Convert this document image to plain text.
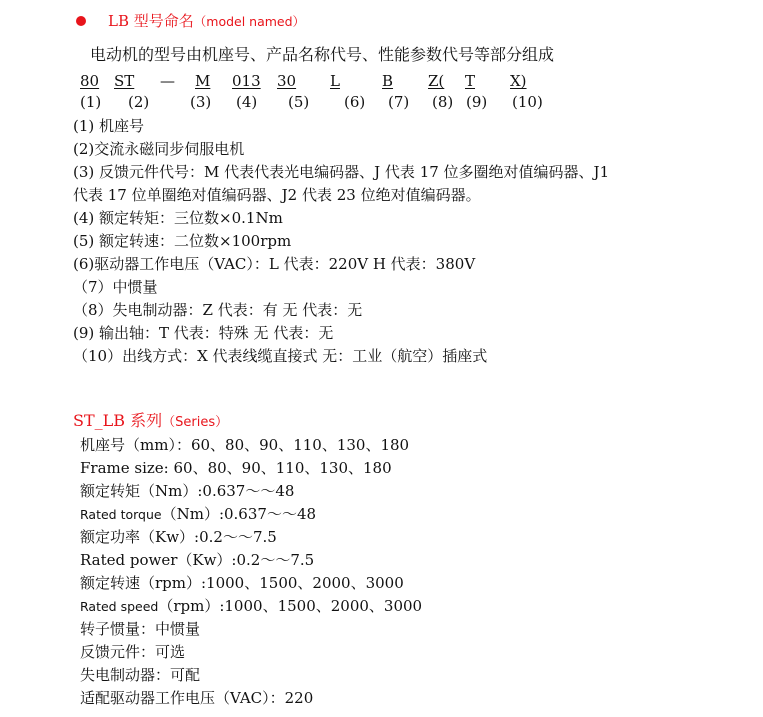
LB 型号命名（model named）
电动机的型号由机座号、产品名称代号、性能参数代号等部分组成
80 ST — M 013 30 L	B Z( T X)
(1) (2)	(3) (4) (5) (6) (7) (8) (9) (10)
(1) 机座号
(2)交流永磁同步伺服电机
(3) 反馈元件代号：M 代表代表光电编码器、J 代表 17 位多圈绝对值编码器、J1
代表 17 位单圈绝对值编码器、J2 代表 23 位绝对值编码器。
(4) 额定转矩：三位数×0.1Nm
(5) 额定转速：二位数×100rpm
(6)驱动器工作电压（VAC）：L 代表：220V H 代表：380V
（7）中惯量
（8）失电制动器：Z 代表：有 无 代表：无
(9) 输出轴：T 代表：特殊 无 代表：无
（10）出线方式：X 代表线缆直接式 无：工业（航空）插座式
ST_LB 系列（Series）
机座号（mm）：60、80、90、110、130、180
Frame size: 60、80、90、110、130、180
额定转矩（Nm）:0.637～～48
Rated torque（Nm）:0.637～～48
额定功率（Kw）:0.2～～7.5
Rated power（Kw）:0.2～～7.5
额定转速（rpm）:1000、1500、2000、3000
Rated speed（rpm）:1000、1500、2000、3000
转子惯量：中惯量
反馈元件：可选
失电制动器：可配
适配驱动器工作电压（VAC）：220
